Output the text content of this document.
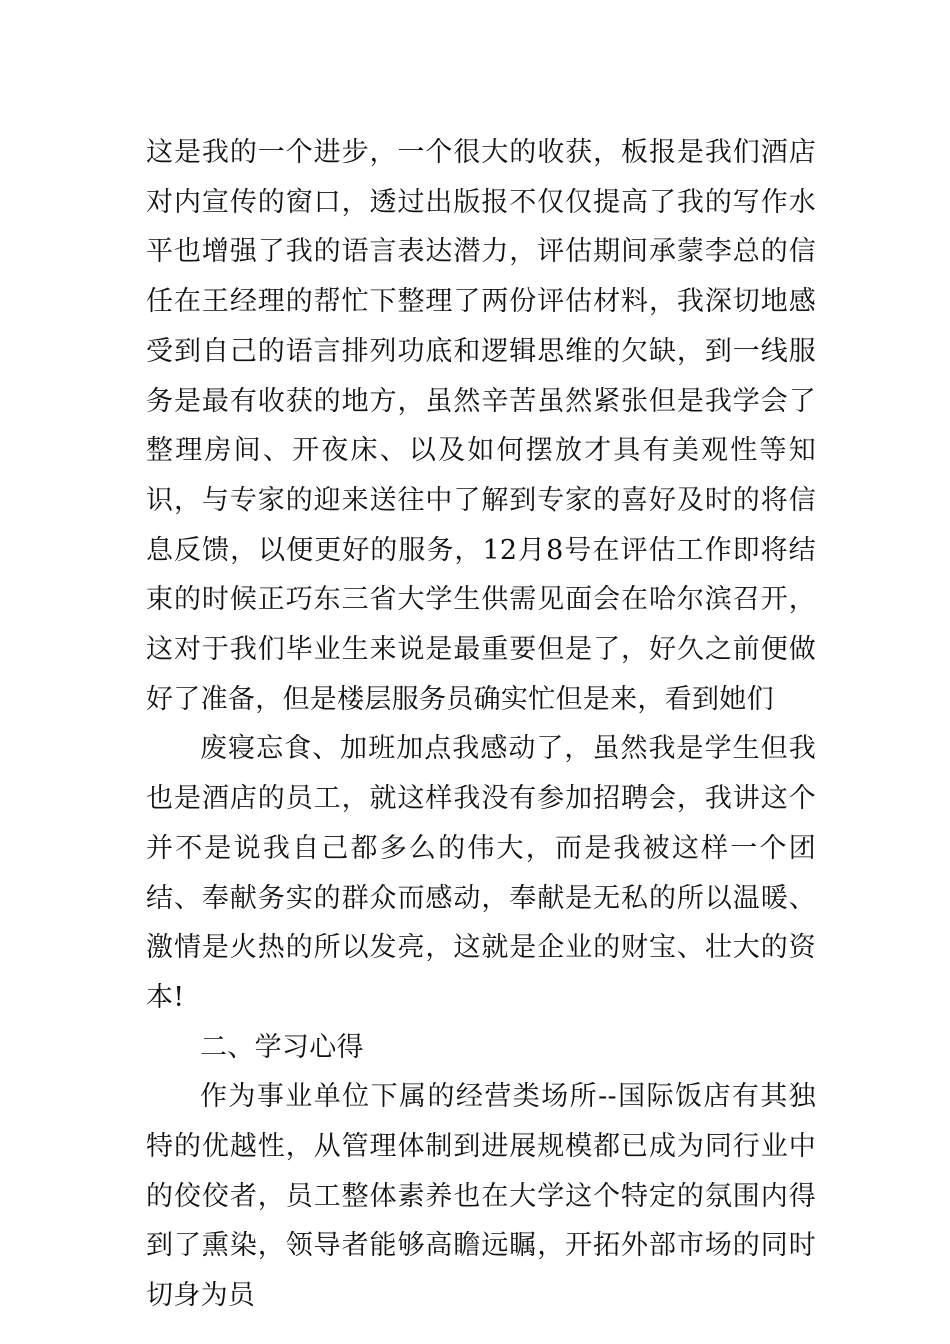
这是我的一个进步，一个很大的收获，板报是我们酒店对内宣传的窗口，透过出版报不仅仅提高了我的写作水平也增强了我的语言表达潜力，评估期间承蒙李总的信任在王经理的帮忙下整理了两份评估材料，我深切地感受到自己的语言排列功底和逻辑思维的欠缺，到一线服务是最有收获的地方，虽然辛苦虽然紧张但是我学会了整理房间、开夜床、以及如何摆放才具有美观性等知识，与专家的迎来送往中了解到专家的喜好及时的将信息反馈，以便更好的服务，12月8号在评估工作即将结束的时候正巧东三省大学生供需见面会在哈尔滨召开，这对于我们毕业生来说是最重要但是了，好久之前便做好了准备，但是楼层服务员确实忙但是来，看到她们

废寝忘食、加班加点我感动了，虽然我是学生但我也是酒店的员工，就这样我没有参加招聘会，我讲这个并不是说我自己都多么的伟大，而是我被这样一个团结、奉献务实的群众而感动，奉献是无私的所以温暖、激情是火热的所以发亮，这就是企业的财宝、壮大的资本!

二、学习心得

作为事业单位下属的经营类场所--国际饭店有其独特的优越性，从管理体制到进展规模都已成为同行业中的佼佼者，员工整体素养也在大学这个特定的氛围内得到了熏染，领导者能够高瞻远瞩，开拓外部市场的同时切身为员
